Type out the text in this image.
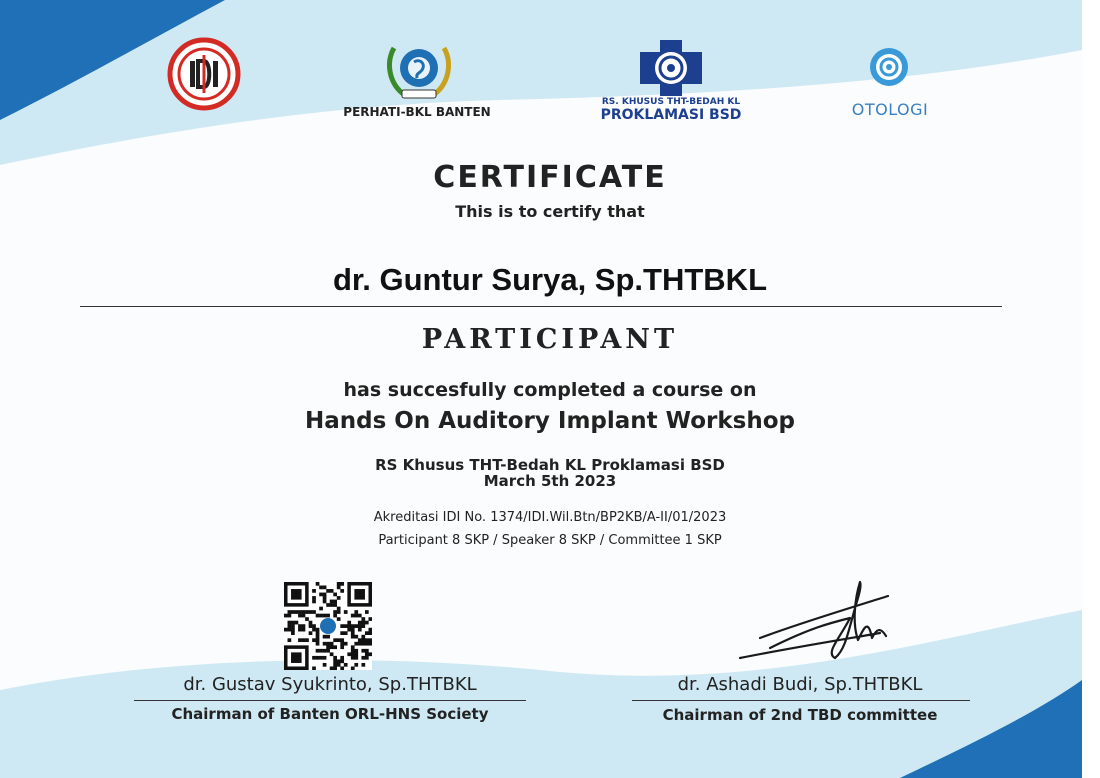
PERHATI-BKL BANTEN
RS. KHUSUS THT-BEDAH KL
PROKLAMASI BSD	OTOLOGI
CERTIFICATE
This is to certify that
dr. Guntur Surya, Sp.THTBKL
PARTICIPANT
has succesfully completed a course on
Hands On Auditory Implant Workshop
RS Khusus THT-Bedah KL Proklamasi BSD
March 5th 2023
Akreditasi IDI No. 1374/IDI.Wil.Btn/BP2KB/A-II/01/2023
Participant 8 SKP / Speaker 8 SKP / Committee 1 SKP
dr. Gustav Syukrinto, Sp.THTBKL
Chairman of Banten ORL-HNS Society
dr. Ashadi Budi, Sp.THTBKL
Chairman of 2nd TBD committee
